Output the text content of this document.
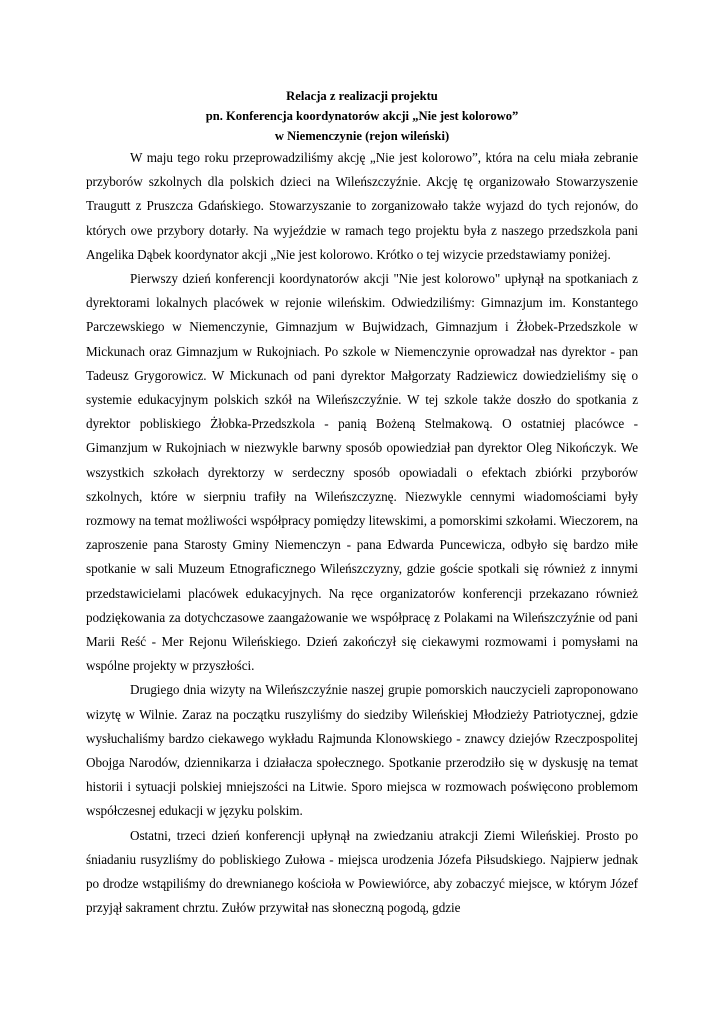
Relacja z realizacji projektu
pn. Konferencja koordynatorów akcji „Nie jest kolorowo”
w Niemenczynie (rejon wileński)

W maju tego roku przeprowadziliśmy akcję „Nie jest kolorowo”, która na celu miała zebranie przyborów szkolnych dla polskich dzieci na Wileńszczyźnie. Akcję tę organizowało Stowarzyszenie Traugutt z Pruszcza Gdańskiego. Stowarzyszanie to zorganizowało także wyjazd do tych rejonów, do których owe przybory dotarły. Na wyjeździe w ramach tego projektu była z naszego przedszkola pani Angelika Dąbek koordynator akcji „Nie jest kolorowo. Krótko o tej wizycie przedstawiamy poniżej.

Pierwszy dzień konferencji koordynatorów akcji "Nie jest kolorowo" upłynął na spotkaniach z dyrektorami lokalnych placówek w rejonie wileńskim. Odwiedziliśmy: Gimnazjum im. Konstantego Parczewskiego w Niemenczynie, Gimnazjum w Bujwidzach, Gimnazjum i Żłobek-Przedszkole w Mickunach oraz Gimnazjum w Rukojniach. Po szkole w Niemenczynie oprowadzał nas dyrektor - pan Tadeusz Grygorowicz. W Mickunach od pani dyrektor Małgorzaty Radziewicz dowiedzieliśmy się o systemie edukacyjnym polskich szkół na Wileńszczyźnie. W tej szkole także doszło do spotkania z dyrektor pobliskiego Żłobka-Przedszkola - panią Bożeną Stelmakową. O ostatniej placówce - Gimanzjum w Rukojniach w niezwykle barwny sposób opowiedział pan dyrektor Oleg Nikończyk. We wszystkich szkołach dyrektorzy w serdeczny sposób opowiadali o efektach zbiórki przyborów szkolnych, które w sierpniu trafiły na Wileńszczyznę. Niezwykle cennymi wiadomościami były rozmowy na temat możliwości współpracy pomiędzy litewskimi, a pomorskimi szkołami. Wieczorem, na zaproszenie pana Starosty Gminy Niemenczyn - pana Edwarda Puncewicza, odbyło się bardzo miłe spotkanie w sali Muzeum Etnograficznego Wileńszczyzny, gdzie goście spotkali się również z innymi przedstawicielami placówek edukacyjnych. Na ręce organizatorów konferencji przekazano również podziękowania za dotychczasowe zaangażowanie we współpracę z Polakami na Wileńszczyźnie od pani Marii Reść - Mer Rejonu Wileńskiego. Dzień zakończył się ciekawymi rozmowami i pomysłami na wspólne projekty w przyszłości.

Drugiego dnia wizyty na Wileńszczyźnie naszej grupie pomorskich nauczycieli zaproponowano wizytę w Wilnie. Zaraz na początku ruszyliśmy do siedziby Wileńskiej Młodzieży Patriotycznej, gdzie wysłuchaliśmy bardzo ciekawego wykładu Rajmunda Klonowskiego - znawcy dziejów Rzeczpospolitej Obojga Narodów, dziennikarza i działacza społecznego. Spotkanie przerodziło się w dyskusję na temat historii i sytuacji polskiej mniejszości na Litwie. Sporo miejsca w rozmowach poświęcono problemom współczesnej edukacji w języku polskim.

Ostatni, trzeci dzień konferencji upłynął na zwiedzaniu atrakcji Ziemi Wileńskiej. Prosto po śniadaniu rusyzliśmy do pobliskiego Zułowa - miejsca urodzenia Józefa Piłsudskiego. Najpierw jednak po drodze wstąpiliśmy do drewnianego kościoła w Powiewiórce, aby zobaczyć miejsce, w którym Józef przyjął sakrament chrztu. Zułów przywitał nas słoneczną pogodą, gdzie
